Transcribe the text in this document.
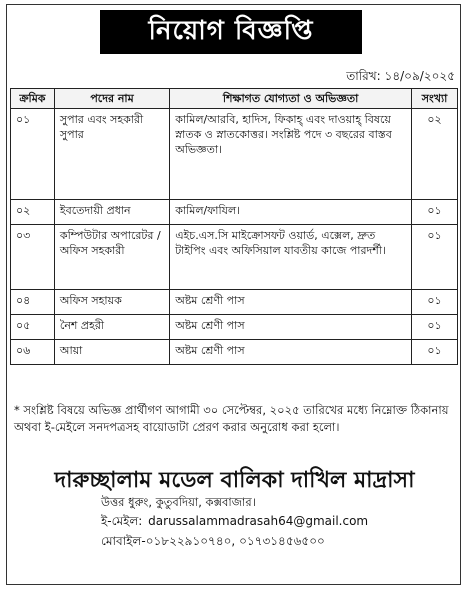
নিয়োগ বিজ্ঞপ্তি
তারিখ: ১৪/০৯/২০২৫
ক্রমিক	পদের নাম	শিক্ষাগত যোগ্যতা ও অভিজ্ঞতা	সংখ্যা
০১	সুপার এবং সহকারী সুপার	কামিল/আরবি, হাদিস, ফিকাহ্ এবং দাওয়াহ্ বিষয়ে স্নাতক ও স্নাতকোত্তর। সংশ্লিষ্ট পদে ৩ বছরের বাস্তব অভিজ্ঞতা।	০২
০২	ইবতেদায়ী প্রধান	কামিল/ফাযিল।	০১
০৩	কম্পিউটার অপারেটর /অফিস সহকারী	এইচ.এস.সি মাইক্রোসফট ওয়ার্ড, এক্সেল, দ্রুত টাইপিং এবং অফিসিয়াল যাবতীয় কাজে পারদর্শী।	০১
০৪	অফিস সহায়ক	অষ্টম শ্রেণী পাস	০১
০৫	নৈশ প্রহরী	অষ্টম শ্রেণী পাস	০১
০৬	আয়া	অষ্টম শ্রেণী পাস	০১
* সংশ্লিষ্ট বিষয়ে অভিজ্ঞ প্রার্থীগণ আগামী ৩০ সেপ্টেম্বর, ২০২৫ তারিখের মধ্যে নিম্নোক্ত ঠিকানায় অথবা ই-মেইলে সনদপত্রসহ বায়োডাটা প্রেরণ করার অনুরোধ করা হলো।
দারুচ্ছালাম মডেল বালিকা দাখিল মাদ্রাসা
উত্তর ধুরুং, কুতুবদিয়া, কক্সবাজার।
ই-মেইল: darussalammadrasah64@gmail.com
মোবাইল-০১৮২২৯১০৭৪০, ০১৭৩১৪৫৬৫০০
